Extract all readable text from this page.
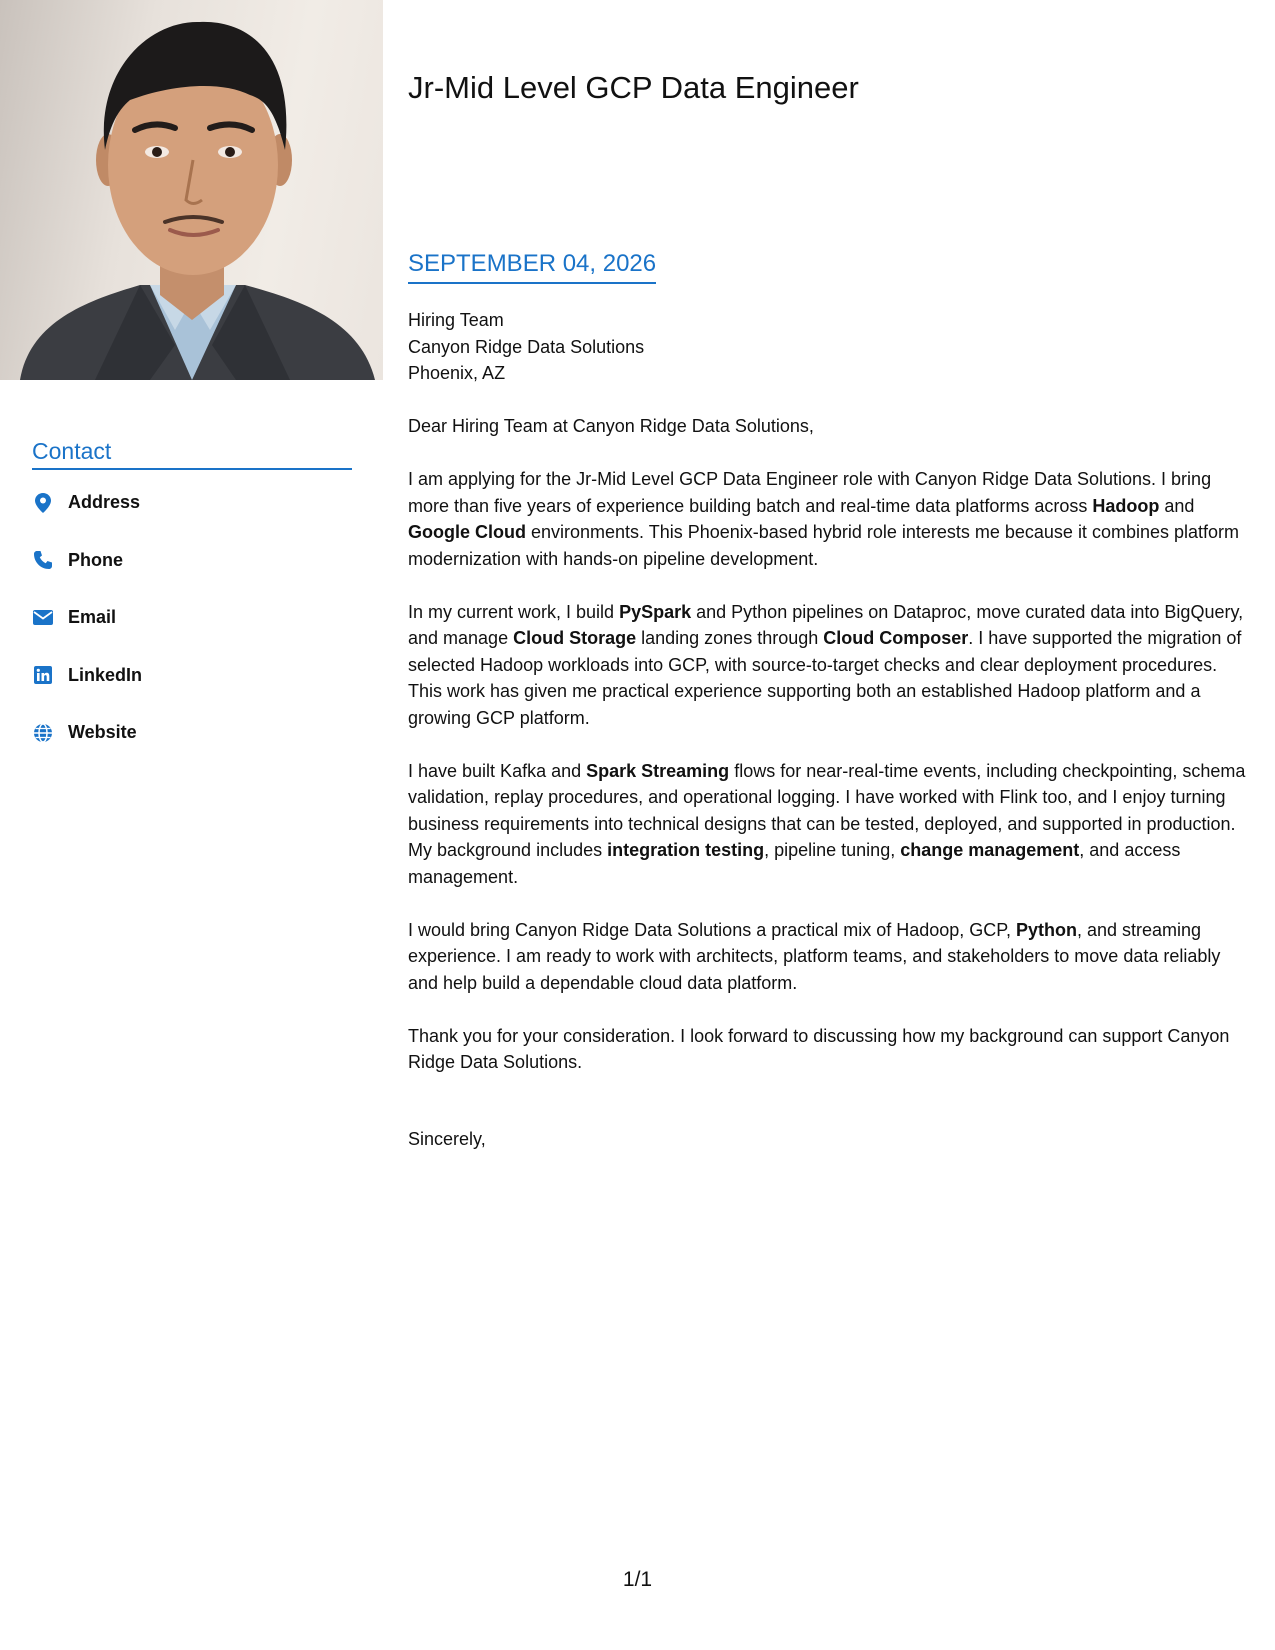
Contact
Address
Phone
Email
LinkedIn
Website
Jr-Mid Level GCP Data Engineer
SEPTEMBER 04, 2026
Hiring Team
Canyon Ridge Data Solutions
Phoenix, AZ

Dear Hiring Team at Canyon Ridge Data Solutions,

I am applying for the Jr-Mid Level GCP Data Engineer role with Canyon Ridge Data Solutions. I bring more than five years of experience building batch and real-time data platforms across Hadoop and Google Cloud environments. This Phoenix-based hybrid role interests me because it combines platform modernization with hands-on pipeline development.

In my current work, I build PySpark and Python pipelines on Dataproc, move curated data into BigQuery, and manage Cloud Storage landing zones through Cloud Composer. I have supported the migration of selected Hadoop workloads into GCP, with source-to-target checks and clear deployment procedures. This work has given me practical experience supporting both an established Hadoop platform and a growing GCP platform.

I have built Kafka and Spark Streaming flows for near-real-time events, including checkpointing, schema validation, replay procedures, and operational logging. I have worked with Flink too, and I enjoy turning business requirements into technical designs that can be tested, deployed, and supported in production. My background includes integration testing, pipeline tuning, change management, and access management.

I would bring Canyon Ridge Data Solutions a practical mix of Hadoop, GCP, Python, and streaming experience. I am ready to work with architects, platform teams, and stakeholders to move data reliably and help build a dependable cloud data platform.

Thank you for your consideration. I look forward to discussing how my background can support Canyon Ridge Data Solutions.

Sincerely,
1/1
